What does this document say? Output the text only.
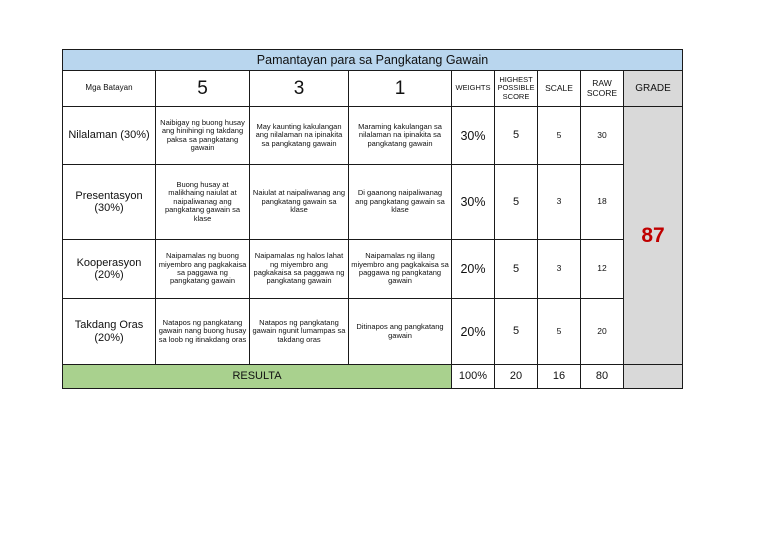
Pamantayan para sa Pangkatang Gawain								
Mga Batayan	5	3	1	WEIGHTS	HIGHEST POSSIBLE SCORE	SCALE	RAW SCORE	GRADE
Nilalaman (30%)	Naibigay ng buong husay ang hinihingi ng takdang paksa sa pangkatang gawain	May kaunting kakulangan ang nilalaman na ipinakita sa pangkatang gawain	Maraming kakulangan sa nilalaman na ipinakita sa pangkatang gawain	30%	5	5	30	87
Presentasyon (30%)	Buong husay at malikhaing naiulat at naipaliwanag ang pangkatang gawain sa klase	Naiulat at naipaliwanag ang pangkatang gawain sa klase	Di gaanong naipaliwanag ang pangkatang gawain sa klase	30%	5	3	18	
Kooperasyon (20%)	Naipamalas ng buong miyembro ang pagkakaisa sa paggawa ng pangkatang gawain	Naipamalas ng halos lahat ng miyembro ang pagkakaisa sa paggawa ng pangkatang gawain	Naipamalas ng iilang miyembro ang pagkakaisa sa paggawa ng pangkatang gawain	20%	5	3	12	
Takdang Oras (20%)	Natapos ng pangkatang gawain nang buong husay sa loob ng itinakdang oras	Natapos ng pangkatang gawain ngunit lumampas sa takdang oras	Ditinapos ang pangkatang gawain	20%	5	5	20	
RESULTA				100%	20	16	80	
